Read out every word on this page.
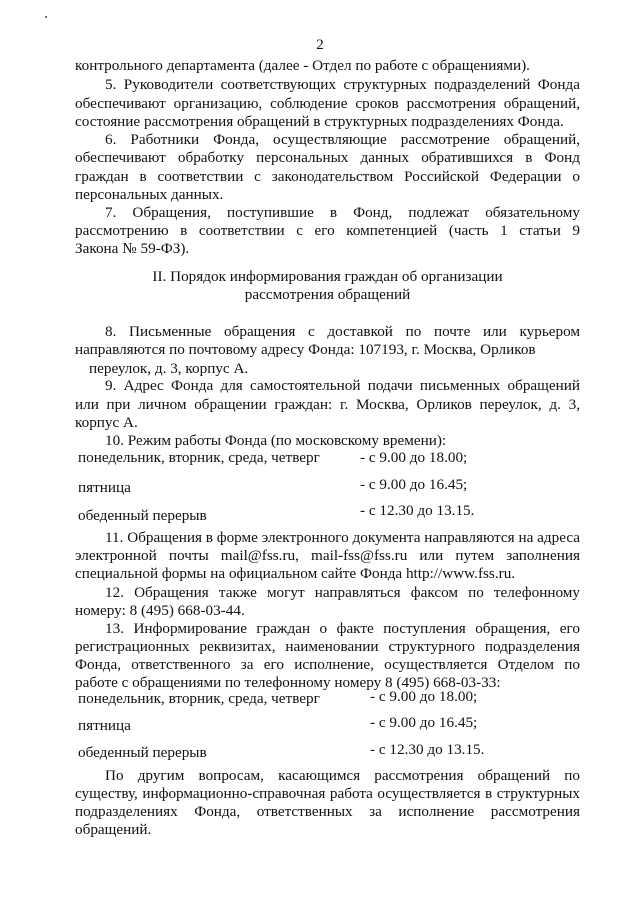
2
контрольного департамента (далее - Отдел по работе с обращениями).
5. Руководители соответствующих структурных подразделений Фонда
обеспечивают организацию, соблюдение сроков рассмотрения обращений,
состояние рассмотрения обращений в структурных подразделениях Фонда.
6. Работники Фонда, осуществляющие рассмотрение обращений,
обеспечивают обработку персональных данных обратившихся в Фонд
граждан в соответствии с законодательством Российской Федерации о
персональных данных.
7. Обращения, поступившие в Фонд, подлежат обязательному
рассмотрению в соответствии с его компетенцией (часть 1 статьи 9
Закона № 59-ФЗ).
II. Порядок информирования граждан об организации
рассмотрения обращений
8. Письменные обращения с доставкой по почте или курьером
направляются по почтовому адресу Фонда: 107193, г. Москва, Орликов
переулок, д. 3, корпус А.
9. Адрес Фонда для самостоятельной подачи письменных обращений
или при личном обращении граждан: г. Москва, Орликов переулок, д. 3,
корпус А.
10. Режим работы Фонда (по московскому времени):
понедельник, вторник, среда, четверг	- с 9.00 до 18.00;
пятница	- с 9.00 до 16.45;
обеденный перерыв	- с 12.30 до 13.15.
11. Обращения в форме электронного документа направляются на адреса
электронной почты mail@fss.ru, mail-fss@fss.ru или путем заполнения
специальной формы на официальном сайте Фонда http://www.fss.ru.
12. Обращения также могут направляться факсом по телефонному
номеру: 8 (495) 668-03-44.
13. Информирование граждан о факте поступления обращения, его
регистрационных реквизитах, наименовании структурного подразделения
Фонда, ответственного за его исполнение, осуществляется Отделом по
работе с обращениями по телефонному номеру 8 (495) 668-03-33:
понедельник, вторник, среда, четверг	- с 9.00 до 18.00;
пятница	- с 9.00 до 16.45;
обеденный перерыв	- с 12.30 до 13.15.
По другим вопросам, касающимся рассмотрения обращений по
существу, информационно-справочная работа осуществляется в структурных
подразделениях Фонда, ответственных за исполнение рассмотрения
обращений.
